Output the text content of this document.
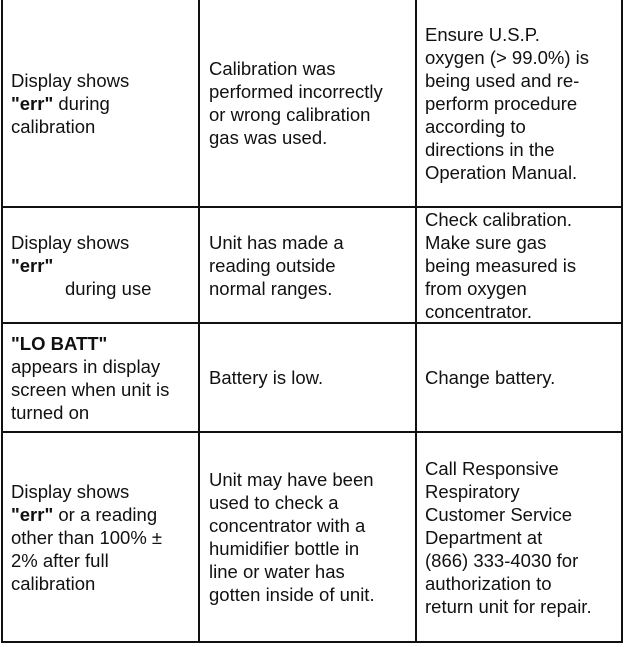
Display shows
"err" during
calibration
Calibration was
performed incorrectly
or wrong calibration
gas was used.
Ensure U.S.P.
oxygen (> 99.0%) is
being used and re-
perform procedure
according to
directions in the
Operation Manual.
Display shows
"err"
during use
Unit has made a
reading outside
normal ranges.
Check calibration.
Make sure gas
being measured is
from oxygen
concentrator.
"LO BATT"
appears in display
screen when unit is
turned on
Battery is low.	Change battery.
Display shows
"err" or a reading
other than 100% ±
2% after full
calibration
Unit may have been
used to check a
concentrator with a
humidifier bottle in
line or water has
gotten inside of unit.
Call Responsive
Respiratory
Customer Service
Department at
(866) 333-4030 for
authorization to
return unit for repair.
